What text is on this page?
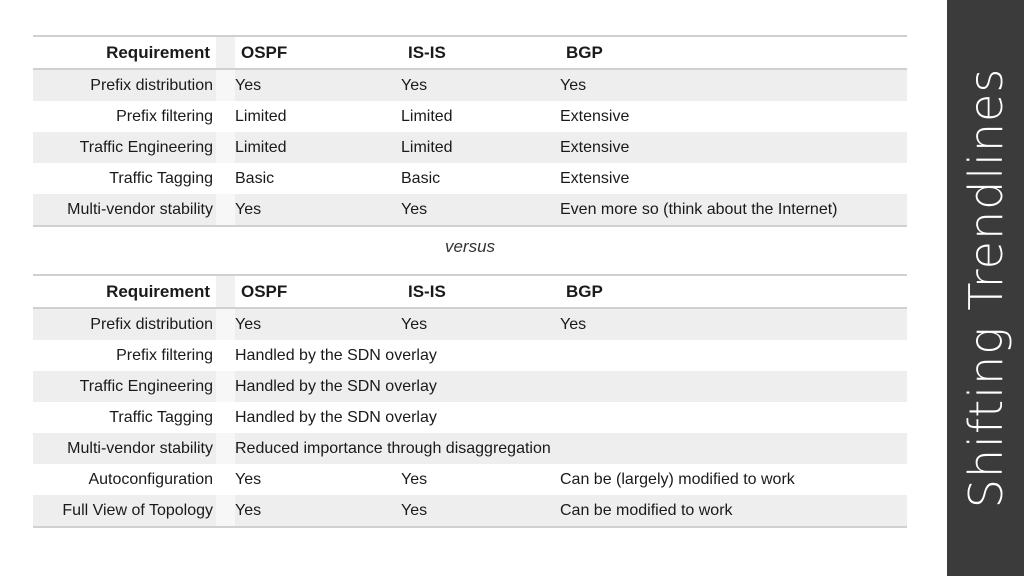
Shifting Trendlines
Requirement		OSPF	IS-IS	BGP
Prefix distribution		Yes	Yes	Yes
Prefix filtering		Limited	Limited	Extensive
Traffic Engineering		Limited	Limited	Extensive
Traffic Tagging		Basic	Basic	Extensive
Multi-vendor stability		Yes	Yes	Even more so (think about the Internet)
versus
Requirement		OSPF	IS-IS	BGP
Prefix distribution		Yes	Yes	Yes
Prefix filtering		Handled by the SDN overlay		
Traffic Engineering		Handled by the SDN overlay		
Traffic Tagging		Handled by the SDN overlay		
Multi-vendor stability		Reduced importance through disaggregation		
Autoconfiguration		Yes	Yes	Can be (largely) modified to work
Full View of Topology		Yes	Yes	Can be modified to work
